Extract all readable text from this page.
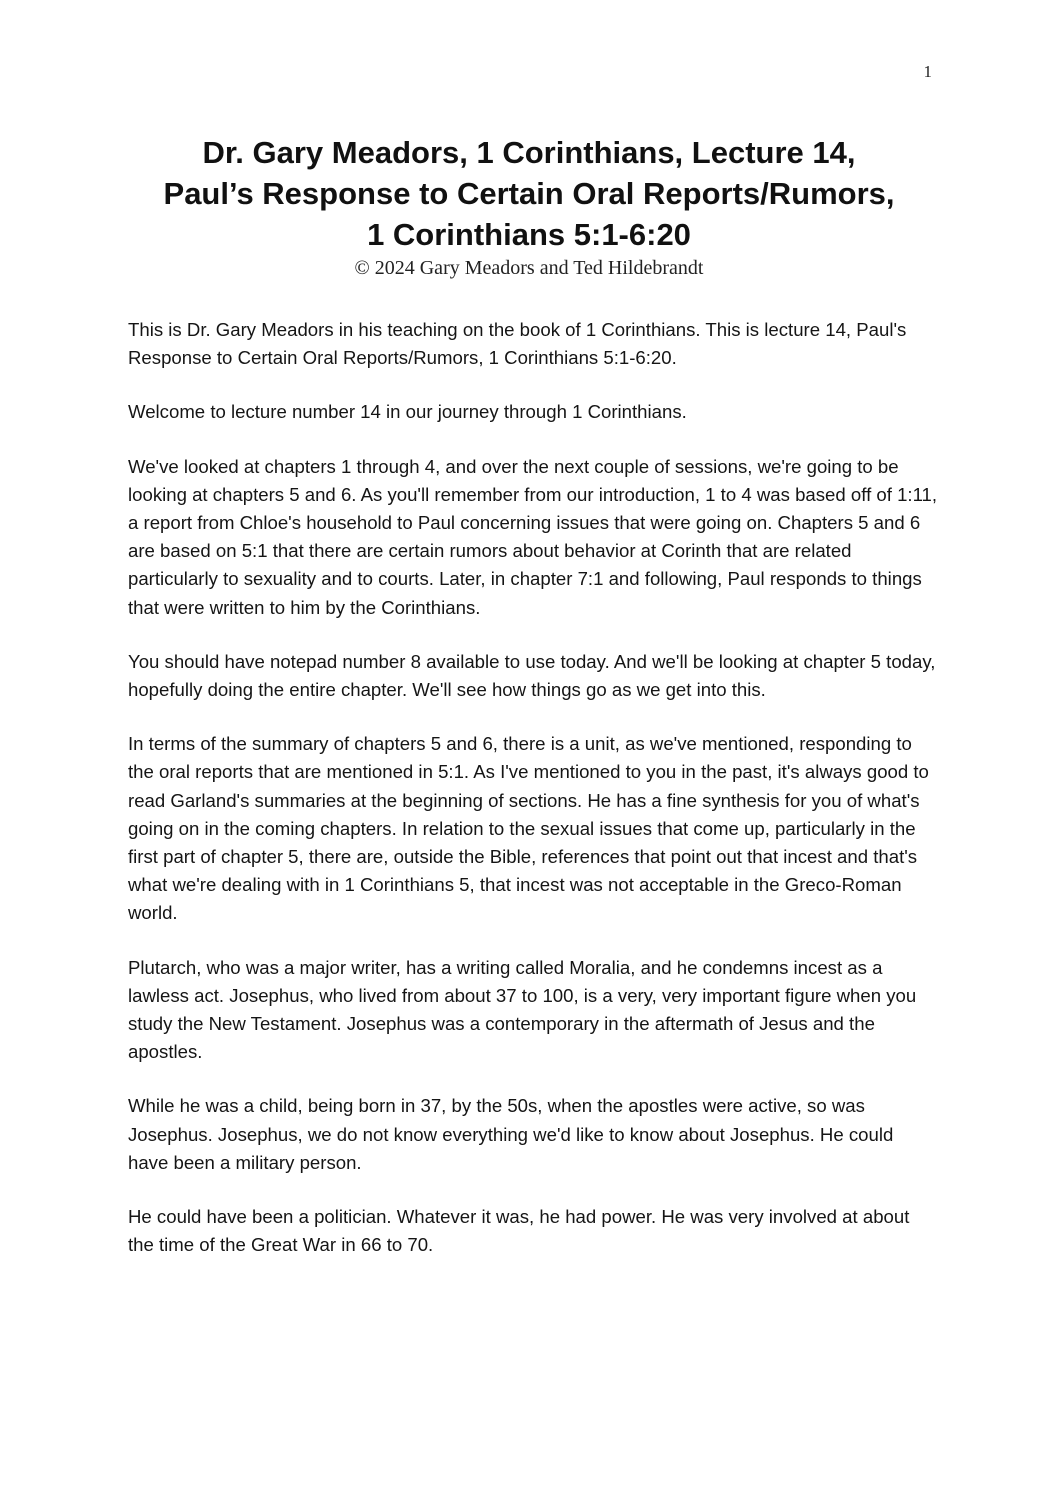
1
Dr. Gary Meadors, 1 Corinthians, Lecture 14,
Paul’s Response to Certain Oral Reports/Rumors,
1 Corinthians 5:1-6:20
© 2024 Gary Meadors and Ted Hildebrandt

This is Dr. Gary Meadors in his teaching on the book of 1 Corinthians. This is lecture 14, Paul's Response to Certain Oral Reports/Rumors, 1 Corinthians 5:1-6:20.

Welcome to lecture number 14 in our journey through 1 Corinthians.

We've looked at chapters 1 through 4, and over the next couple of sessions, we're going to be looking at chapters 5 and 6. As you'll remember from our introduction, 1 to 4 was based off of 1:11, a report from Chloe's household to Paul concerning issues that were going on. Chapters 5 and 6 are based on 5:1 that there are certain rumors about behavior at Corinth that are related particularly to sexuality and to courts. Later, in chapter 7:1 and following, Paul responds to things that were written to him by the Corinthians.

You should have notepad number 8 available to use today. And we'll be looking at chapter 5 today, hopefully doing the entire chapter. We'll see how things go as we get into this.

In terms of the summary of chapters 5 and 6, there is a unit, as we've mentioned, responding to the oral reports that are mentioned in 5:1. As I've mentioned to you in the past, it's always good to read Garland's summaries at the beginning of sections. He has a fine synthesis for you of what's going on in the coming chapters. In relation to the sexual issues that come up, particularly in the first part of chapter 5, there are, outside the Bible, references that point out that incest and that's what we're dealing with in 1 Corinthians 5, that incest was not acceptable in the Greco-Roman world.

Plutarch, who was a major writer, has a writing called Moralia, and he condemns incest as a lawless act. Josephus, who lived from about 37 to 100, is a very, very important figure when you study the New Testament. Josephus was a contemporary in the aftermath of Jesus and the apostles.

While he was a child, being born in 37, by the 50s, when the apostles were active, so was Josephus. Josephus, we do not know everything we'd like to know about Josephus. He could have been a military person.

He could have been a politician. Whatever it was, he had power. He was very involved at about the time of the Great War in 66 to 70.
